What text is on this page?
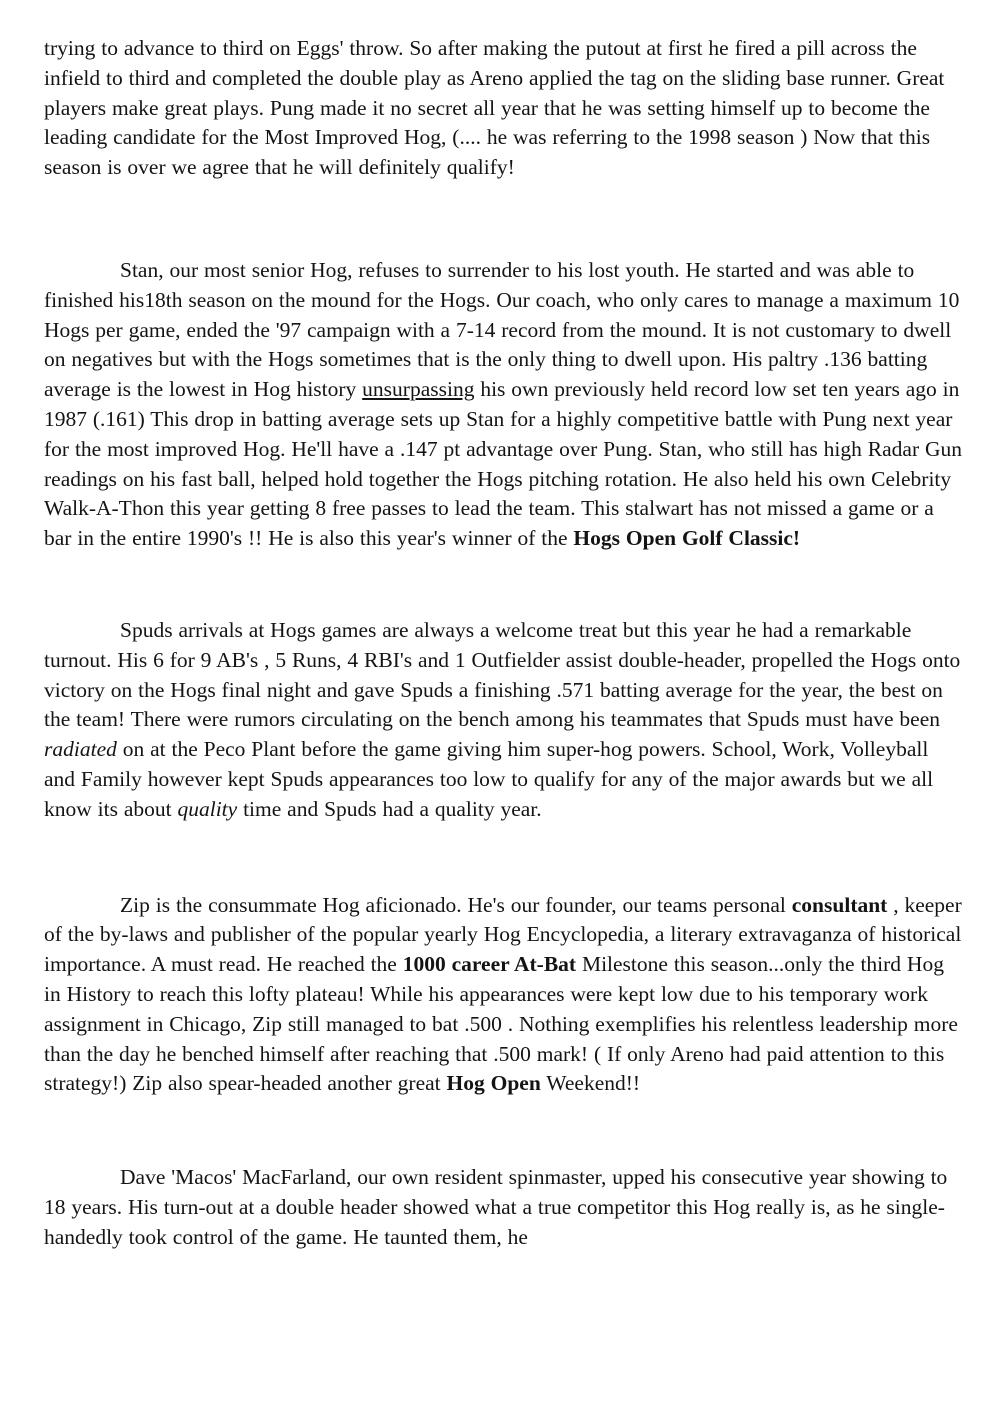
trying to advance to third on Eggs' throw. So after making the putout at first he fired a pill across the infield to third and completed the double play as Areno applied the tag on the sliding base runner. Great players make great plays. Pung made it no secret all year that he was setting himself up to become the leading candidate for the Most Improved Hog, (.... he was referring to the 1998 season ) Now that this season is over we agree that he will definitely qualify!

Stan, our most senior Hog, refuses to surrender to his lost youth. He started and was able to finished his18th season on the mound for the Hogs. Our coach, who only cares to manage a maximum 10 Hogs per game, ended the '97 campaign with a 7-14 record from the mound. It is not customary to dwell on negatives but with the Hogs sometimes that is the only thing to dwell upon. His paltry .136 batting average is the lowest in Hog history unsurpassing his own previously held record low set ten years ago in 1987 (.161) This drop in batting average sets up Stan for a highly competitive battle with Pung next year for the most improved Hog. He'll have a .147 pt advantage over Pung. Stan, who still has high Radar Gun readings on his fast ball, helped hold together the Hogs pitching rotation. He also held his own Celebrity Walk-A-Thon this year getting 8 free passes to lead the team. This stalwart has not missed a game or a bar in the entire 1990's !! He is also this year's winner of the Hogs Open Golf Classic!

Spuds arrivals at Hogs games are always a welcome treat but this year he had a remarkable turnout. His 6 for 9 AB's , 5 Runs, 4 RBI's and 1 Outfielder assist double-header, propelled the Hogs onto victory on the Hogs final night and gave Spuds a finishing .571 batting average for the year, the best on the team! There were rumors circulating on the bench among his teammates that Spuds must have been radiated on at the Peco Plant before the game giving him super-hog powers. School, Work, Volleyball and Family however kept Spuds appearances too low to qualify for any of the major awards but we all know its about quality time and Spuds had a quality year.

Zip is the consummate Hog aficionado. He's our founder, our teams personal consultant , keeper of the by-laws and publisher of the popular yearly Hog Encyclopedia, a literary extravaganza of historical importance. A must read. He reached the 1000 career At-Bat Milestone this season...only the third Hog in History to reach this lofty plateau! While his appearances were kept low due to his temporary work assignment in Chicago, Zip still managed to bat .500 . Nothing exemplifies his relentless leadership more than the day he benched himself after reaching that .500 mark! ( If only Areno had paid attention to this strategy!) Zip also spear-headed another great Hog Open Weekend!!

Dave 'Macos' MacFarland, our own resident spinmaster, upped his consecutive year showing to 18 years. His turn-out at a double header showed what a true competitor this Hog really is, as he single- handedly took control of the game. He taunted them, he
